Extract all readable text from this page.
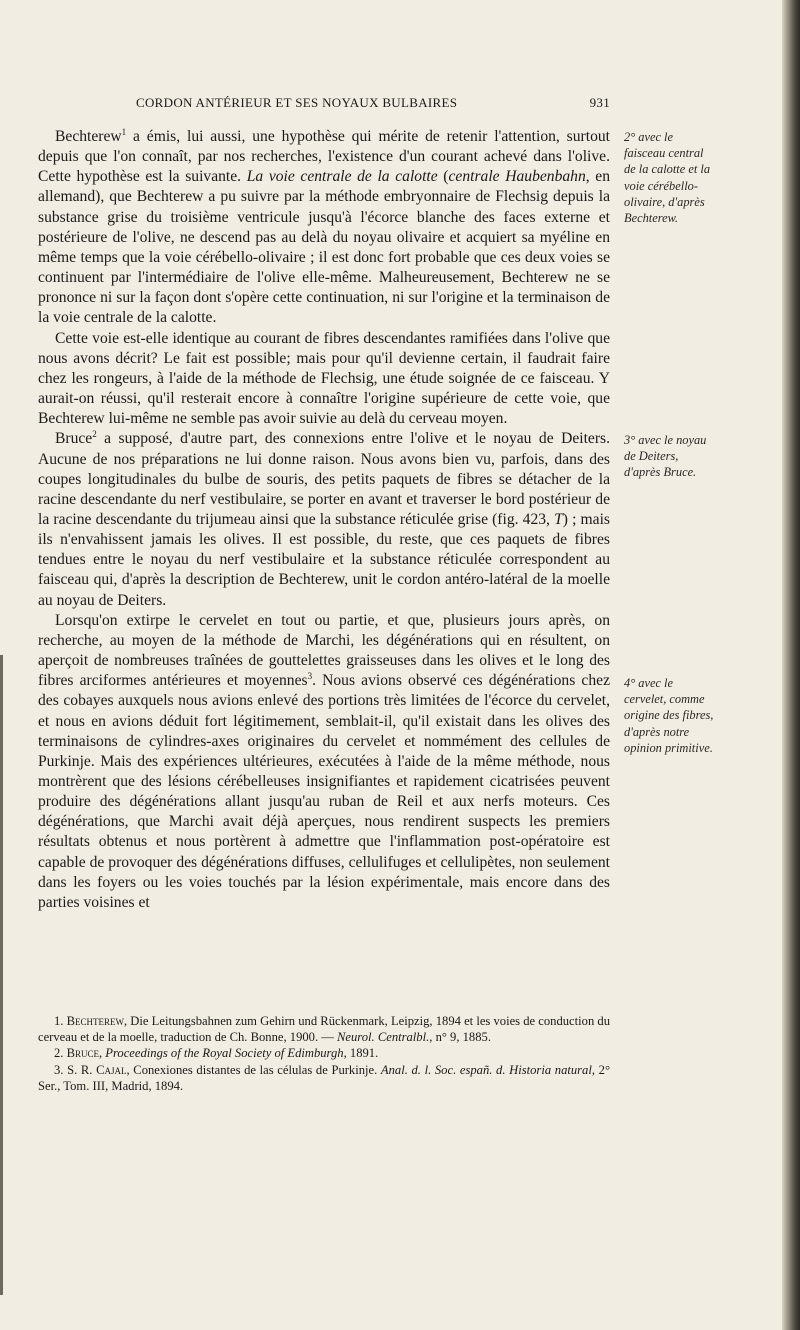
CORDON ANTÉRIEUR ET SES NOYAUX BULBAIRES	931

Bechterew$^1$ a émis, lui aussi, une hypothèse qui mérite de retenir l'attention, surtout depuis que l'on connaît, par nos recherches, l'existence d'un courant achevé dans l'olive. Cette hypothèse est la suivante. La voie centrale de la calotte (centrale Haubenbahn, en allemand), que Bechterew a pu suivre par la méthode embryonnaire de Flechsig depuis la substance grise du troisième ventricule jusqu'à l'écorce blanche des faces externe et postérieure de l'olive, ne descend pas au delà du noyau olivaire et acquiert sa myéline en même temps que la voie cérébello-olivaire ; il est donc fort probable que ces deux voies se continuent par l'intermédiaire de l'olive elle-même. Malheureusement, Bechterew ne se prononce ni sur la façon dont s'opère cette continuation, ni sur l'origine et la terminaison de la voie centrale de la calotte.

Cette voie est-elle identique au courant de fibres descendantes ramifiées dans l'olive que nous avons décrit? Le fait est possible; mais pour qu'il devienne certain, il faudrait faire chez les rongeurs, à l'aide de la méthode de Flechsig, une étude soignée de ce faisceau. Y aurait-on réussi, qu'il resterait encore à connaître l'origine supérieure de cette voie, que Bechterew lui-même ne semble pas avoir suivie au delà du cerveau moyen.

Bruce$^2$ a supposé, d'autre part, des connexions entre l'olive et le noyau de Deiters. Aucune de nos préparations ne lui donne raison. Nous avons bien vu, parfois, dans des coupes longitudinales du bulbe de souris, des petits paquets de fibres se détacher de la racine descendante du nerf vestibulaire, se porter en avant et traverser le bord postérieur de la racine descendante du trijumeau ainsi que la substance réticulée grise (fig. 423, T) ; mais ils n'envahissent jamais les olives. Il est possible, du reste, que ces paquets de fibres tendues entre le noyau du nerf vestibulaire et la substance réticulée correspondent au faisceau qui, d'après la description de Bechterew, unit le cordon antéro-latéral de la moelle au noyau de Deiters.

Lorsqu'on extirpe le cervelet en tout ou partie, et que, plusieurs jours après, on recherche, au moyen de la méthode de Marchi, les dégénérations qui en résultent, on aperçoit de nombreuses traînées de gouttelettes graisseuses dans les olives et le long des fibres arciformes antérieures et moyennes$^3$. Nous avions observé ces dégénérations chez des cobayes auxquels nous avions enlevé des portions très limitées de l'écorce du cervelet, et nous en avions déduit fort légitimement, semblait-il, qu'il existait dans les olives des terminaisons de cylindres-axes originaires du cervelet et nommément des cellules de Purkinje. Mais des expériences ultérieures, exécutées à l'aide de la même méthode, nous montrèrent que des lésions cérébelleuses insignifiantes et rapidement cicatrisées peuvent produire des dégénérations allant jusqu'au ruban de Reil et aux nerfs moteurs. Ces dégénérations, que Marchi avait déjà aperçues, nous rendirent suspects les premiers résultats obtenus et nous portèrent à admettre que l'inflammation post-opératoire est capable de provoquer des dégénérations diffuses, cellulifuges et cellulipètes, non seulement dans les foyers ou les voies touchés par la lésion expérimentale, mais encore dans des parties voisines et

2° avec le faisceau central de la calotte et la voie cérébello-olivaire, d'après Bechterew.

3° avec le noyau de Deiters, d'après Bruce.

4° avec le cervelet, comme origine des fibres, d'après notre opinion primitive.

1. Bechterew, Die Leitungsbahnen zum Gehirn und Rückenmark, Leipzig, 1894 et les voies de conduction du cerveau et de la moelle, traduction de Ch. Bonne, 1900. — Neurol. Centralbl., n° 9, 1885.

2. Bruce, Proceedings of the Royal Society of Edimburgh, 1891.

3. S. R. Cajal, Conexiones distantes de las células de Purkinje. Anal. d. l. Soc. españ. d. Historia natural, 2° Ser., Tom. III, Madrid, 1894.
